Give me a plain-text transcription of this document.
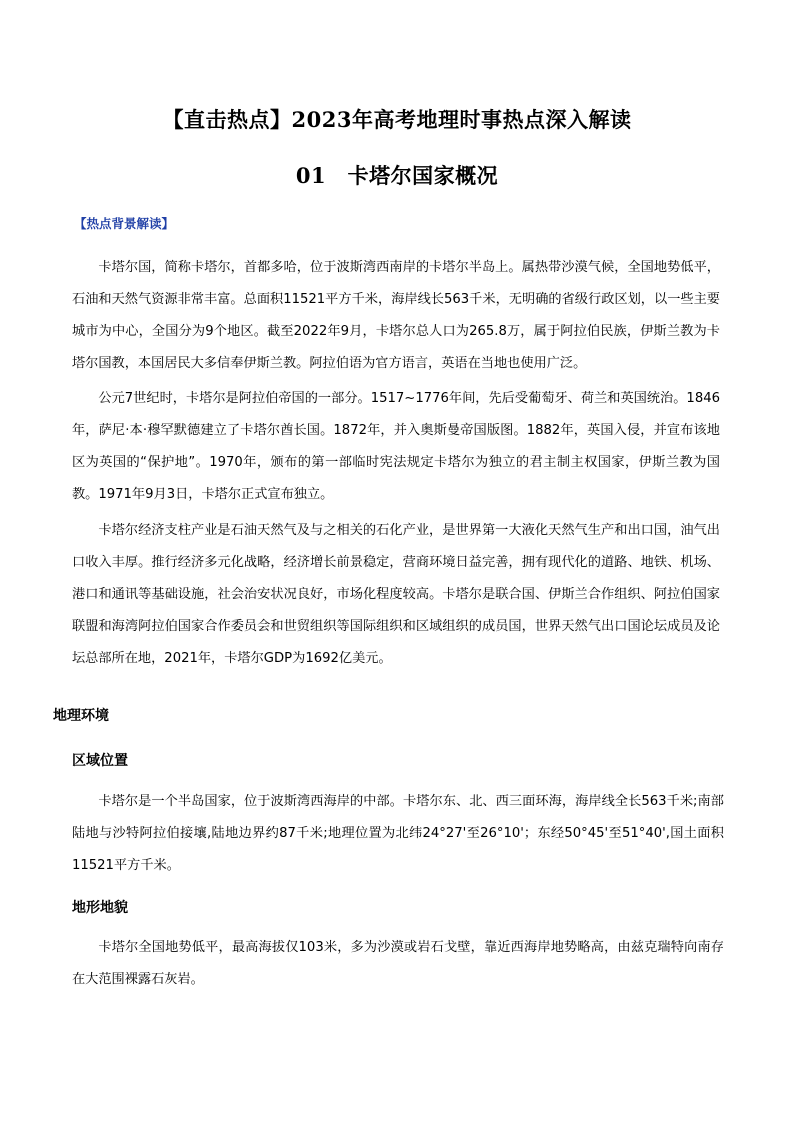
【直击热点】2023年高考地理时事热点深入解读
01　卡塔尔国家概况
【热点背景解读】

卡塔尔国，简称卡塔尔，首都多哈，位于波斯湾西南岸的卡塔尔半岛上。属热带沙漠气候，全国地势低平，石油和天然气资源非常丰富。总面积11521平方千米，海岸线长563千米，无明确的省级行政区划，以一些主要城市为中心，全国分为9个地区。截至2022年9月，卡塔尔总人口为265.8万，属于阿拉伯民族，伊斯兰教为卡塔尔国教，本国居民大多信奉伊斯兰教。阿拉伯语为官方语言，英语在当地也使用广泛。

公元7世纪时，卡塔尔是阿拉伯帝国的一部分。1517~1776年间，先后受葡萄牙、荷兰和英国统治。1846年，萨尼·本·穆罕默德建立了卡塔尔酋长国。1872年，并入奥斯曼帝国版图。1882年，英国入侵，并宣布该地区为英国的“保护地”。1970年，颁布的第一部临时宪法规定卡塔尔为独立的君主制主权国家，伊斯兰教为国教。1971年9月3日，卡塔尔正式宣布独立。

卡塔尔经济支柱产业是石油天然气及与之相关的石化产业，是世界第一大液化天然气生产和出口国，油气出口收入丰厚。推行经济多元化战略，经济增长前景稳定，营商环境日益完善，拥有现代化的道路、地铁、机场、港口和通讯等基础设施，社会治安状况良好，市场化程度较高。卡塔尔是联合国、伊斯兰合作组织、阿拉伯国家联盟和海湾阿拉伯国家合作委员会和世贸组织等国际组织和区域组织的成员国，世界天然气出口国论坛成员及论坛总部所在地，2021年，卡塔尔GDP为1692亿美元。

地理环境
区域位置

卡塔尔是一个半岛国家，位于波斯湾西海岸的中部。卡塔尔东、北、西三面环海，海岸线全长563千米;南部陆地与沙特阿拉伯接壤,陆地边界约87千米;地理位置为北纬24°27'至26°10'；东经50°45'至51°40',国土面积11521平方千米。

地形地貌

卡塔尔全国地势低平，最高海拔仅103米，多为沙漠或岩石戈壁，靠近西海岸地势略高，由兹克瑞特向南存在大范围裸露石灰岩。
